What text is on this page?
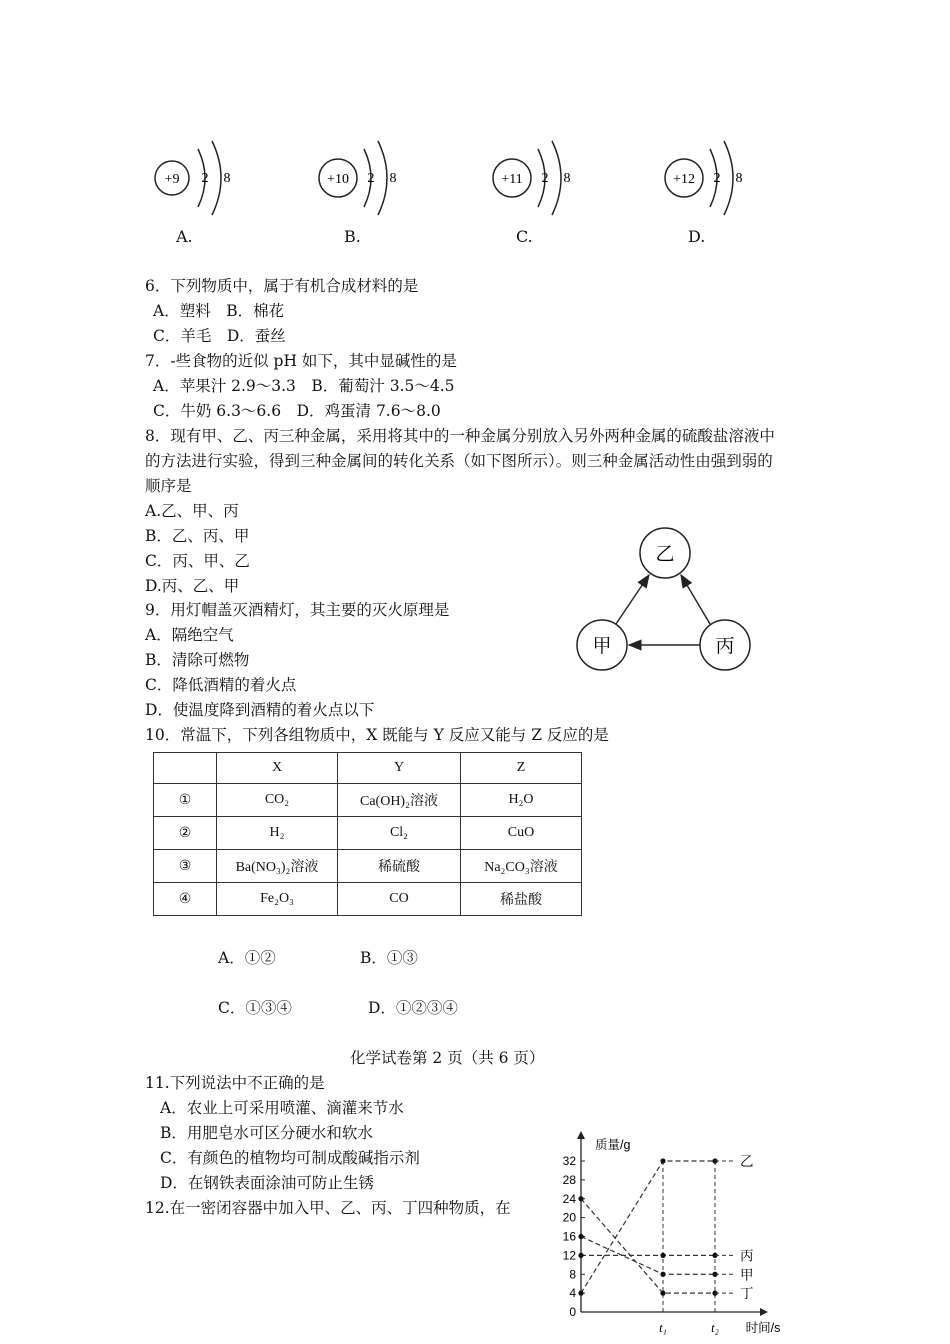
+9 2 8
A.
+10 2 8
B.
+11 2 8
C.
+12 2 8
D.
6．下列物质中，属于有机合成材料的是
A．塑料　B．棉花
C．羊毛　D．蚕丝
7．-些食物的近似 pH 如下，其中显碱性的是
A．苹果汁 2.9～3.3　B．葡萄汁 3.5～4.5
C．牛奶 6.3～6.6　D．鸡蛋清 7.6～8.0
8．现有甲、乙、丙三种金属，采用将其中的一种金属分别放入另外两种金属的硫酸盐溶液中
的方法进行实验，得到三种金属间的转化关系（如下图所示）。则三种金属活动性由强到弱的
顺序是
A.乙、甲、丙
B．乙、丙、甲
C．丙、甲、乙
D.丙、乙、甲
乙
甲	丙
9．用灯帽盖灭酒精灯，其主要的灭火原理是
A．隔绝空气
B．清除可燃物
C．降低酒精的着火点
D．使温度降到酒精的着火点以下
10．常温下，下列各组物质中，X 既能与 Y 反应又能与 Z 反应的是
	X	Y	Z
①	CO₂	Ca(OH)₂溶液	H₂O
②	H₂	Cl₂	CuO
③	Ba(NO₃)₂溶液	稀硫酸	Na₂CO₃溶液
④	Fe₂O₃	CO	稀盐酸
A．①②	B．①③
C．①③④	D．①②③④
化学试卷第 2 页（共 6 页）
11.下列说法中不正确的是
A．农业上可采用喷灌、滴灌来节水
B．用肥皂水可区分硬水和软水
C．有颜色的植物均可制成酸碱指示剂
D．在钢铁表面涂油可防止生锈
12.在一密闭容器中加入甲、乙、丙、丁四种物质，在
0
4
8
12
16
20
24
28
32
质量/g
t₁	t₂ 时间/s
乙
丙
甲
丁
